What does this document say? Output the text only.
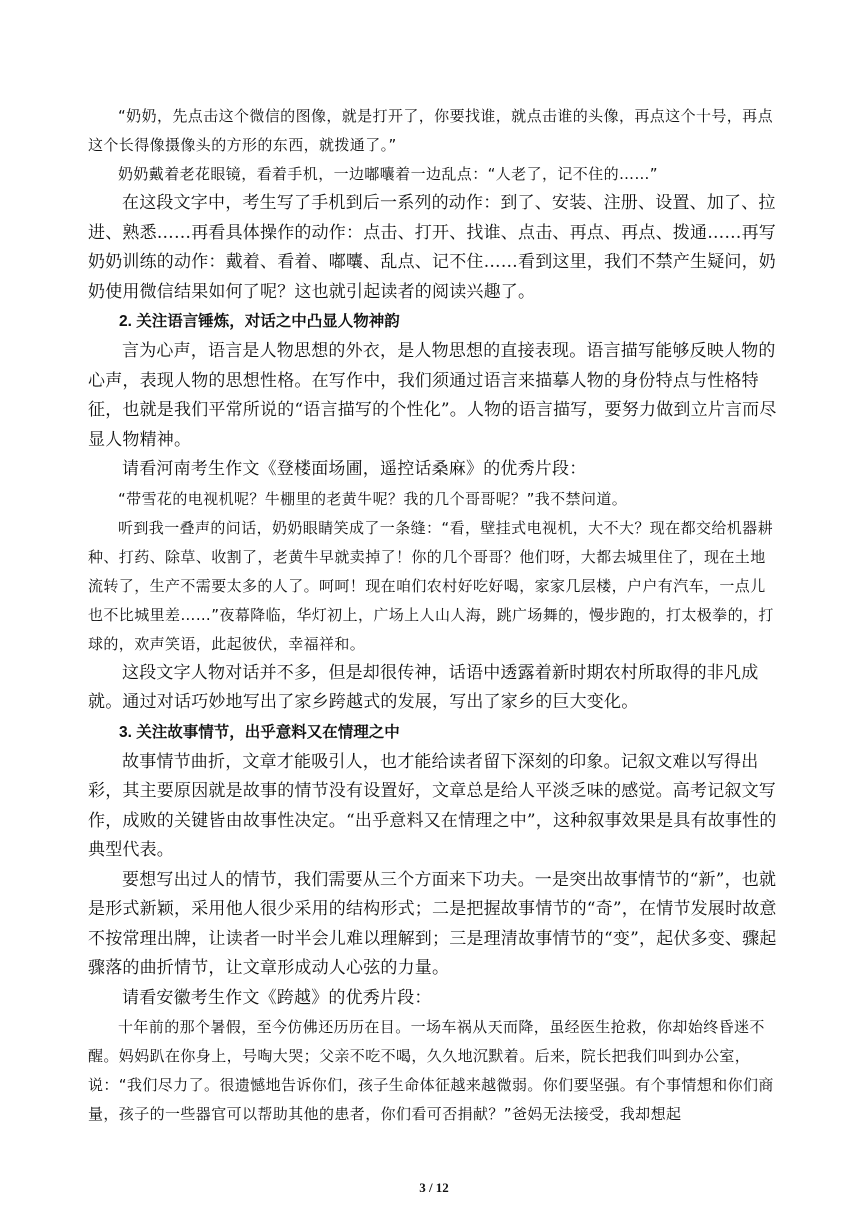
“奶奶，先点击这个微信的图像，就是打开了，你要找谁，就点击谁的头像，再点这个十号，再点这个长得像摄像头的方形的东西，就拨通了。”

奶奶戴着老花眼镜，看着手机，一边嘟囔着一边乱点：“人老了，记不住的……”

在这段文字中，考生写了手机到后一系列的动作：到了、安装、注册、设置、加了、拉进、熟悉……再看具体操作的动作：点击、打开、找谁、点击、再点、再点、拨通……再写奶奶训练的动作：戴着、看着、嘟囔、乱点、记不住……看到这里，我们不禁产生疑问，奶奶使用微信结果如何了呢？这也就引起读者的阅读兴趣了。

2. 关注语言锤炼，对话之中凸显人物神韵

言为心声，语言是人物思想的外衣，是人物思想的直接表现。语言描写能够反映人物的心声，表现人物的思想性格。在写作中，我们须通过语言来描摹人物的身份特点与性格特征，也就是我们平常所说的“语言描写的个性化”。人物的语言描写，要努力做到立片言而尽显人物精神。

请看河南考生作文《登楼面场圃，遥控话桑麻》的优秀片段：

“带雪花的电视机呢？牛棚里的老黄牛呢？我的几个哥哥呢？”我不禁问道。

听到我一叠声的问话，奶奶眼睛笑成了一条缝：“看，壁挂式电视机，大不大？现在都交给机器耕种、打药、除草、收割了，老黄牛早就卖掉了！你的几个哥哥？他们呀，大都去城里住了，现在土地流转了，生产不需要太多的人了。呵呵！现在咱们农村好吃好喝，家家几层楼，户户有汽车，一点儿也不比城里差……”夜幕降临，华灯初上，广场上人山人海，跳广场舞的，慢步跑的，打太极拳的，打球的，欢声笑语，此起彼伏，幸福祥和。

这段文字人物对话并不多，但是却很传神，话语中透露着新时期农村所取得的非凡成就。通过对话巧妙地写出了家乡跨越式的发展，写出了家乡的巨大变化。

3. 关注故事情节，出乎意料又在情理之中

故事情节曲折，文章才能吸引人，也才能给读者留下深刻的印象。记叙文难以写得出彩，其主要原因就是故事的情节没有设置好，文章总是给人平淡乏味的感觉。高考记叙文写作，成败的关键皆由故事性决定。“出乎意料又在情理之中”，这种叙事效果是具有故事性的典型代表。

要想写出过人的情节，我们需要从三个方面来下功夫。一是突出故事情节的“新”，也就是形式新颖，采用他人很少采用的结构形式；二是把握故事情节的“奇”，在情节发展时故意不按常理出牌，让读者一时半会儿难以理解到；三是理清故事情节的“变”，起伏多变、骤起骤落的曲折情节，让文章形成动人心弦的力量。

请看安徽考生作文《跨越》的优秀片段：

十年前的那个暑假，至今仿佛还历历在目。一场车祸从天而降，虽经医生抢救，你却始终昏迷不醒。妈妈趴在你身上，号啕大哭；父亲不吃不喝，久久地沉默着。后来，院长把我们叫到办公室，说：“我们尽力了。很遗憾地告诉你们，孩子生命体征越来越微弱。你们要坚强。有个事情想和你们商量，孩子的一些器官可以帮助其他的患者，你们看可否捐献？”爸妈无法接受，我却想起

3 / 12
